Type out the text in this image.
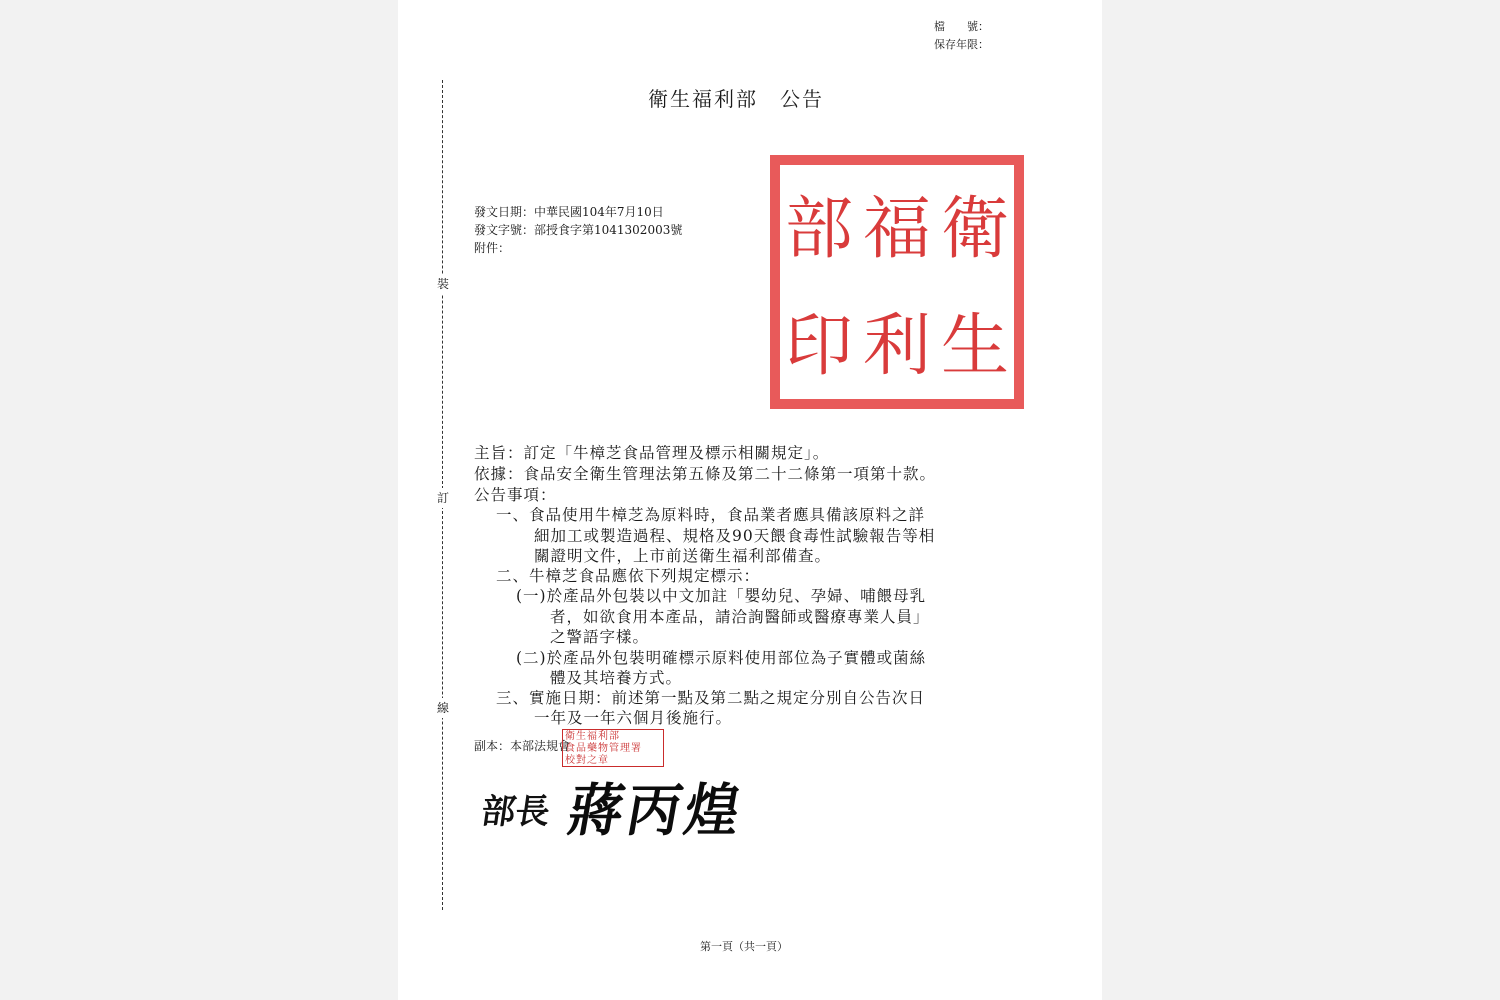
檔　　號：
保存年限：
裝
訂
線
衛生福利部　公告
發文日期：中華民國104年7月10日
發文字號：部授食字第1041302003號
附件：	衛
生
福
利
部
印
主旨：訂定「牛樟芝食品管理及標示相關規定」。
依據：食品安全衛生管理法第五條及第二十二條第一項第十款。
公告事項：
一、食品使用牛樟芝為原料時，食品業者應具備該原料之詳
細加工或製造過程、規格及90天餵食毒性試驗報告等相
關證明文件，上市前送衛生福利部備查。
二、牛樟芝食品應依下列規定標示：
(一)於產品外包裝以中文加註「嬰幼兒、孕婦、哺餵母乳
者，如欲食用本產品，請洽詢醫師或醫療專業人員」
之警語字樣。
(二)於產品外包裝明確標示原料使用部位為子實體或菌絲
體及其培養方式。
三、實施日期：前述第一點及第二點之規定分別自公告次日
一年及一年六個月後施行。
副本：本部法規會
衛生福利部
食品藥物管理署
校對之章
部長 蔣丙煌
第一頁（共一頁）
